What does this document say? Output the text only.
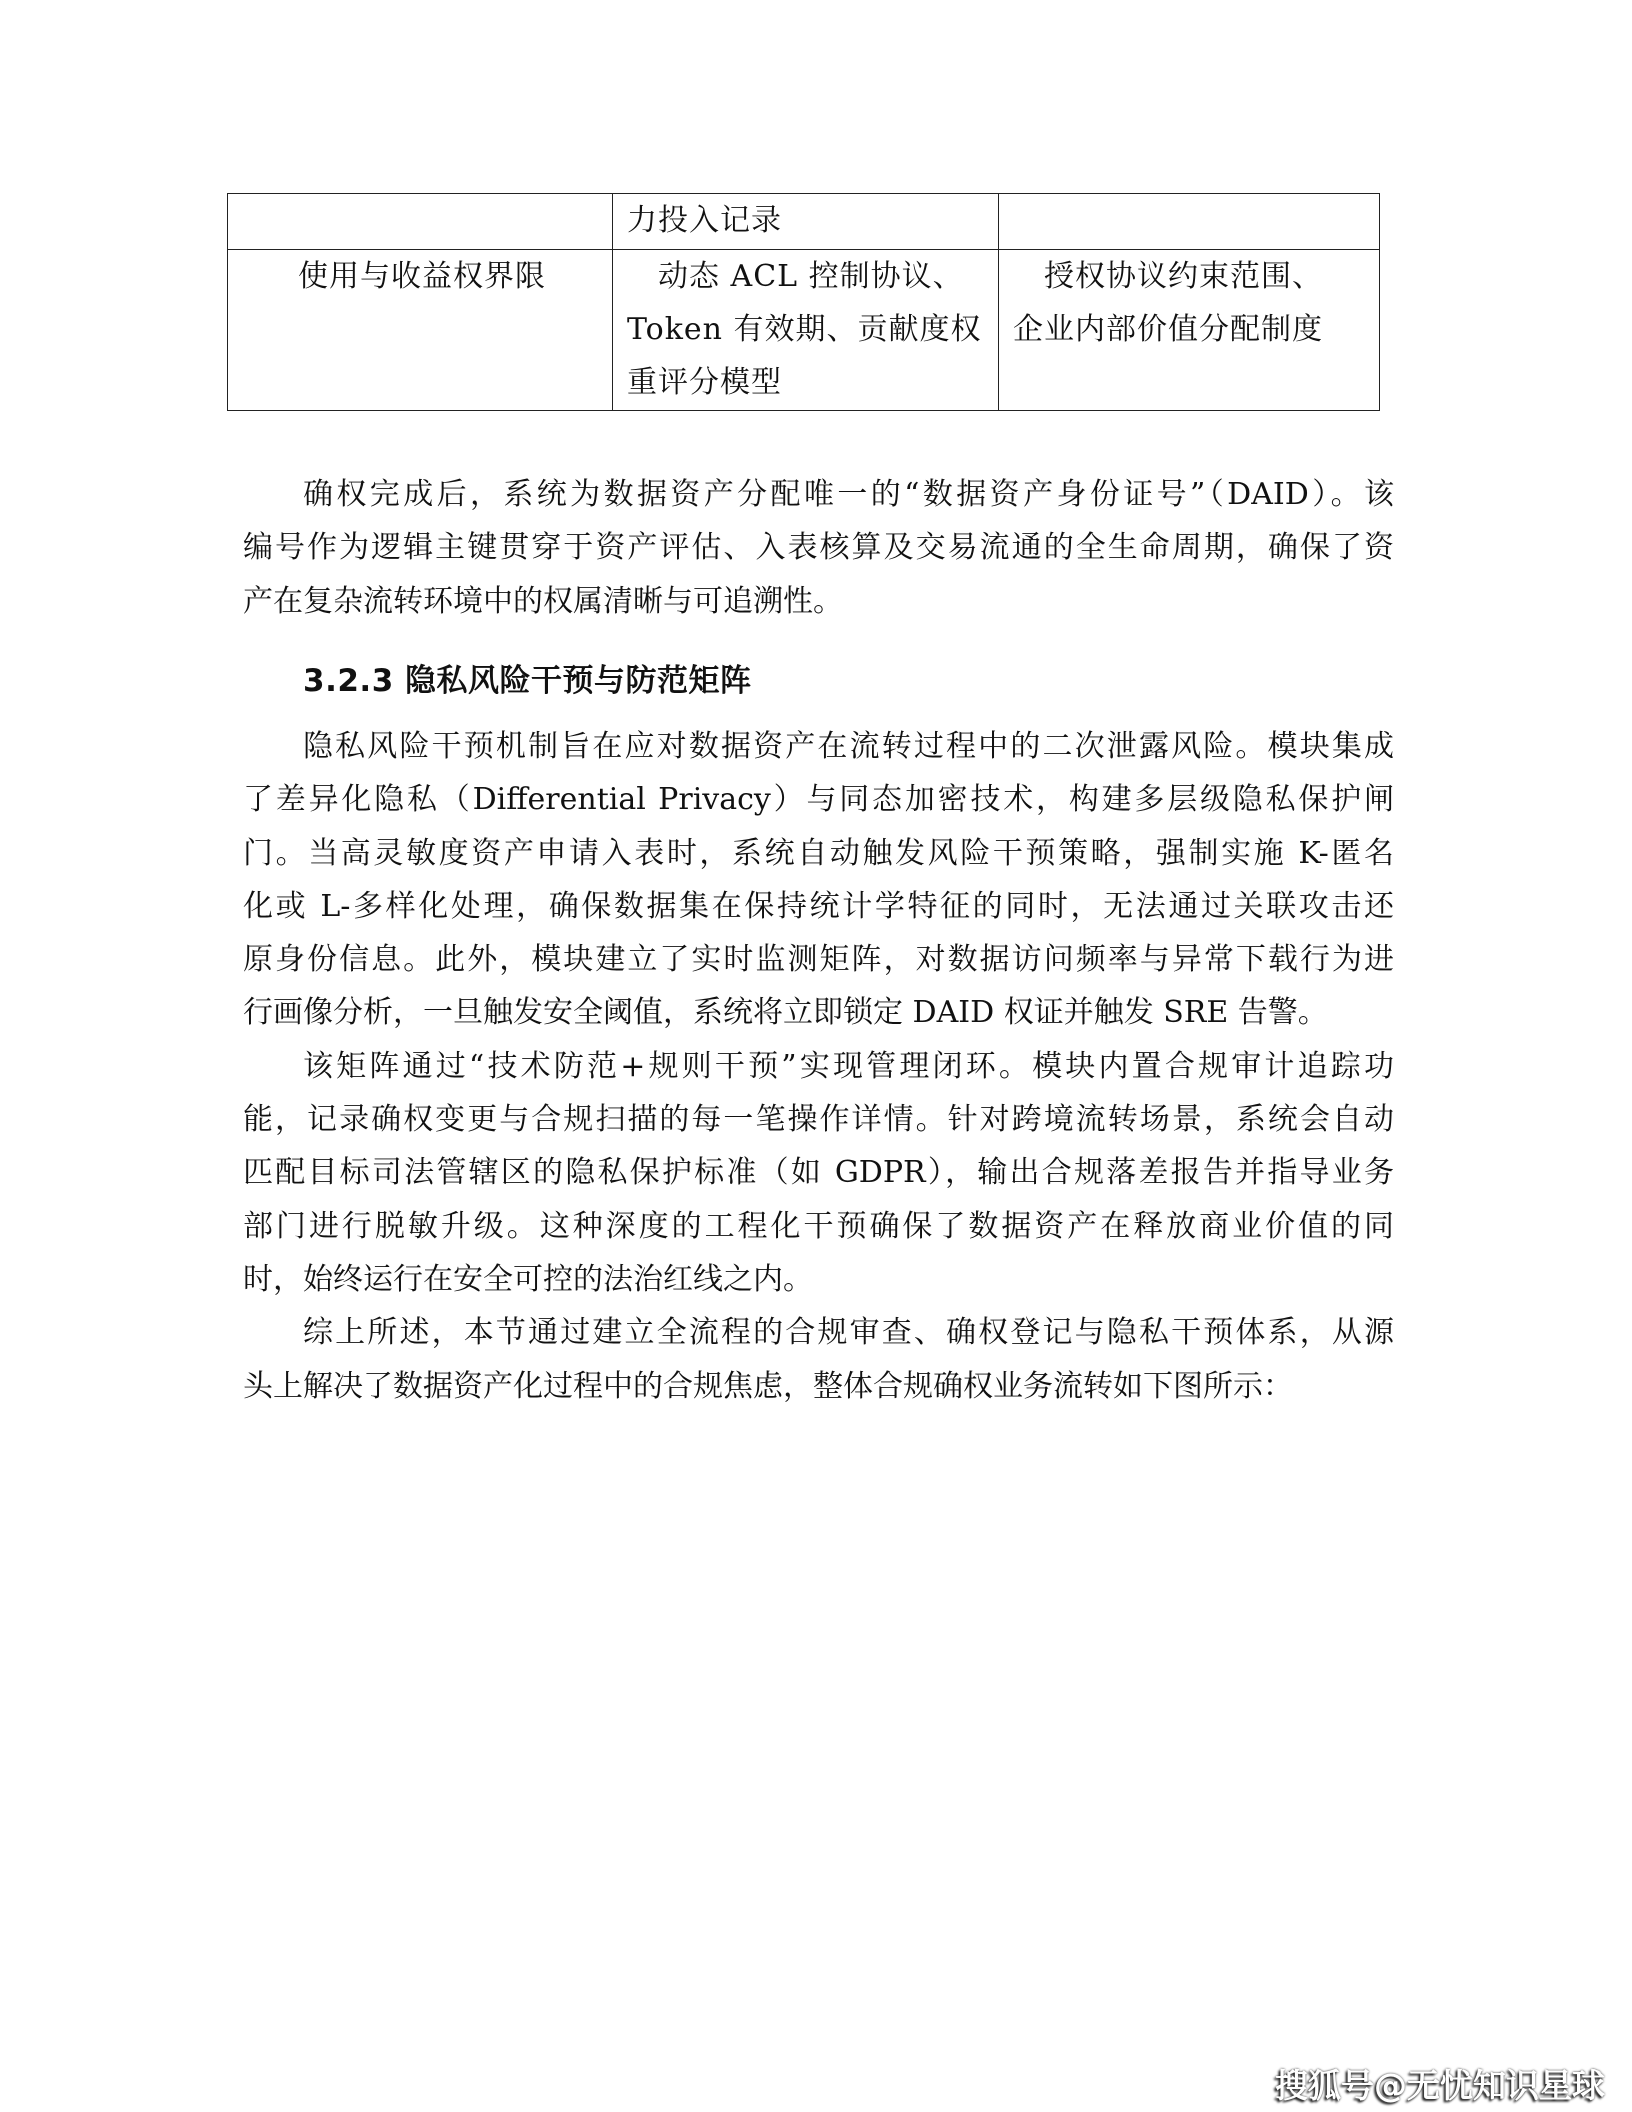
	力投入记录	

使用与收益权界限	　动态 ACL 控制协议、
Token 有效期、贡献度权
重评分模型	　授权协议约束范围、
企业内部价值分配制度
确权完成后，系统为数据资产分配唯一的“数据资产身份证号”（DAID）。该
编号作为逻辑主键贯穿于资产评估、入表核算及交易流通的全生命周期，确保了资
产在复杂流转环境中的权属清晰与可追溯性。
3.2.3 隐私风险干预与防范矩阵
隐私风险干预机制旨在应对数据资产在流转过程中的二次泄露风险。模块集成
了差异化隐私（Differential Privacy）与同态加密技术，构建多层级隐私保护闸
门。当高灵敏度资产申请入表时，系统自动触发风险干预策略，强制实施 K-匿名
化或 L-多样化处理，确保数据集在保持统计学特征的同时，无法通过关联攻击还
原身份信息。此外，模块建立了实时监测矩阵，对数据访问频率与异常下载行为进
行画像分析，一旦触发安全阈值，系统将立即锁定 DAID 权证并触发 SRE 告警。
该矩阵通过“技术防范+规则干预”实现管理闭环。模块内置合规审计追踪功
能，记录确权变更与合规扫描的每一笔操作详情。针对跨境流转场景，系统会自动
匹配目标司法管辖区的隐私保护标准（如 GDPR），输出合规落差报告并指导业务
部门进行脱敏升级。这种深度的工程化干预确保了数据资产在释放商业价值的同
时，始终运行在安全可控的法治红线之内。
综上所述，本节通过建立全流程的合规审查、确权登记与隐私干预体系，从源
头上解决了数据资产化过程中的合规焦虑，整体合规确权业务流转如下图所示：
搜狐号@无忧知识星球
